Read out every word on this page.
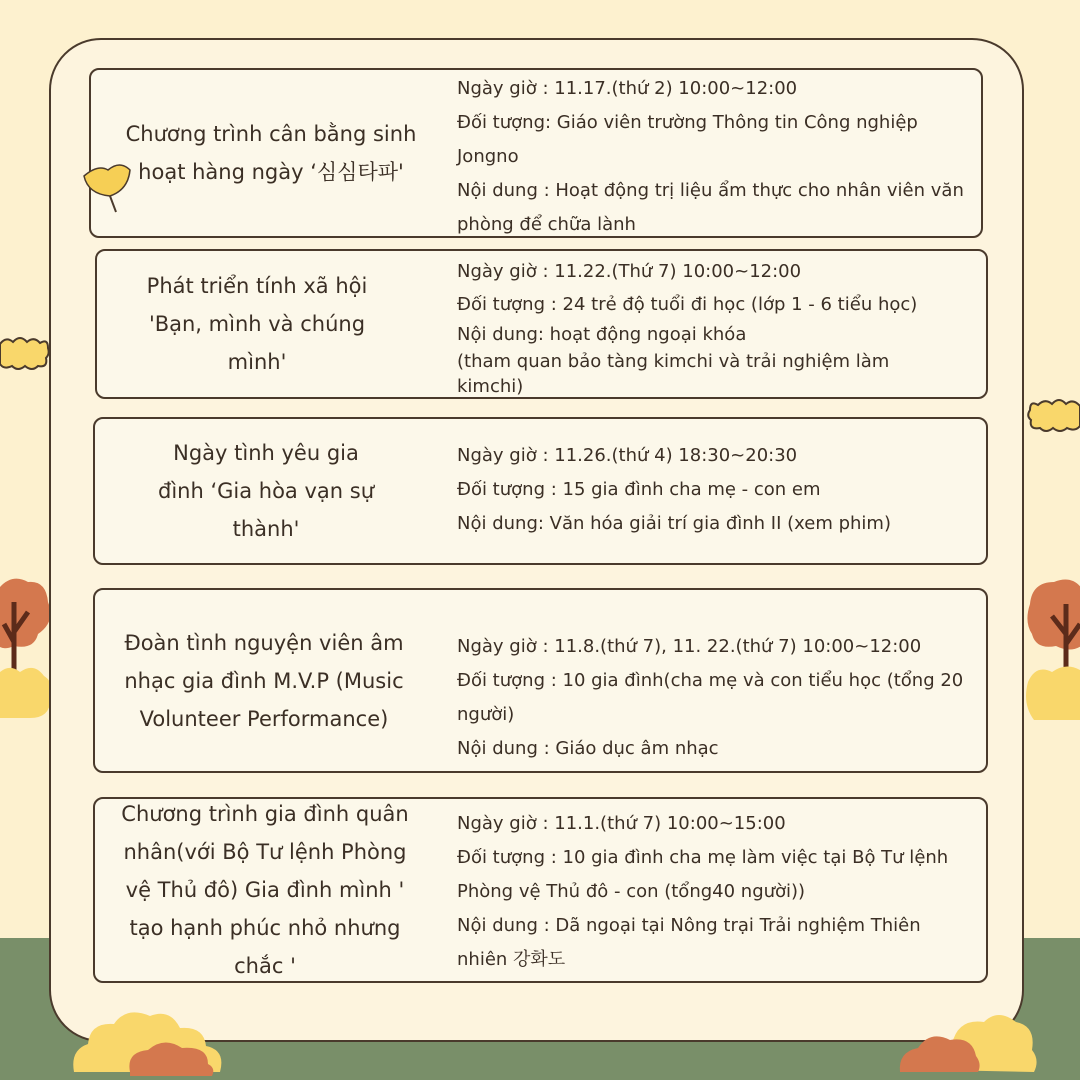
Chương trình cân bằng sinh hoạt hàng ngày ‘심심타파'
Ngày giờ : 11.17.(thứ 2) 10:00~12:00
Đối tượng: Giáo viên trường Thông tin Công nghiệp Jongno
Nội dung : Hoạt động trị liệu ẩm thực cho nhân viên văn phòng để chữa lành
Phát triển tính xã hội 'Bạn, mình và chúng mình'
Ngày giờ : 11.22.(Thứ 7) 10:00~12:00
Đối tượng : 24 trẻ độ tuổi đi học (lớp 1 - 6 tiểu học)
Nội dung: hoạt động ngoại khóa
(tham quan bảo tàng kimchi và trải nghiệm làm kimchi)
Ngày tình yêu gia đình ‘Gia hòa vạn sự thành'
Ngày giờ : 11.26.(thứ 4) 18:30~20:30
Đối tượng : 15 gia đình cha mẹ - con em
Nội dung: Văn hóa giải trí gia đình II (xem phim)
Đoàn tình nguyện viên âm nhạc gia đình M.V.P (Music Volunteer Performance)
Ngày giờ : 11.8.(thứ 7), 11. 22.(thứ 7) 10:00~12:00
Đối tượng : 10 gia đình(cha mẹ và con tiểu học (tổng 20 người)
Nội dung : Giáo dục âm nhạc
Chương trình gia đình quân nhân(với Bộ Tư lệnh Phòng vệ Thủ đô) Gia đình mình ' tạo hạnh phúc nhỏ nhưng chắc '
Ngày giờ : 11.1.(thứ 7) 10:00~15:00
Đối tượng : 10 gia đình cha mẹ làm việc tại Bộ Tư lệnh Phòng vệ Thủ đô - con (tổng40 người))
Nội dung : Dã ngoại tại Nông trại Trải nghiệm Thiên nhiên 강화도
